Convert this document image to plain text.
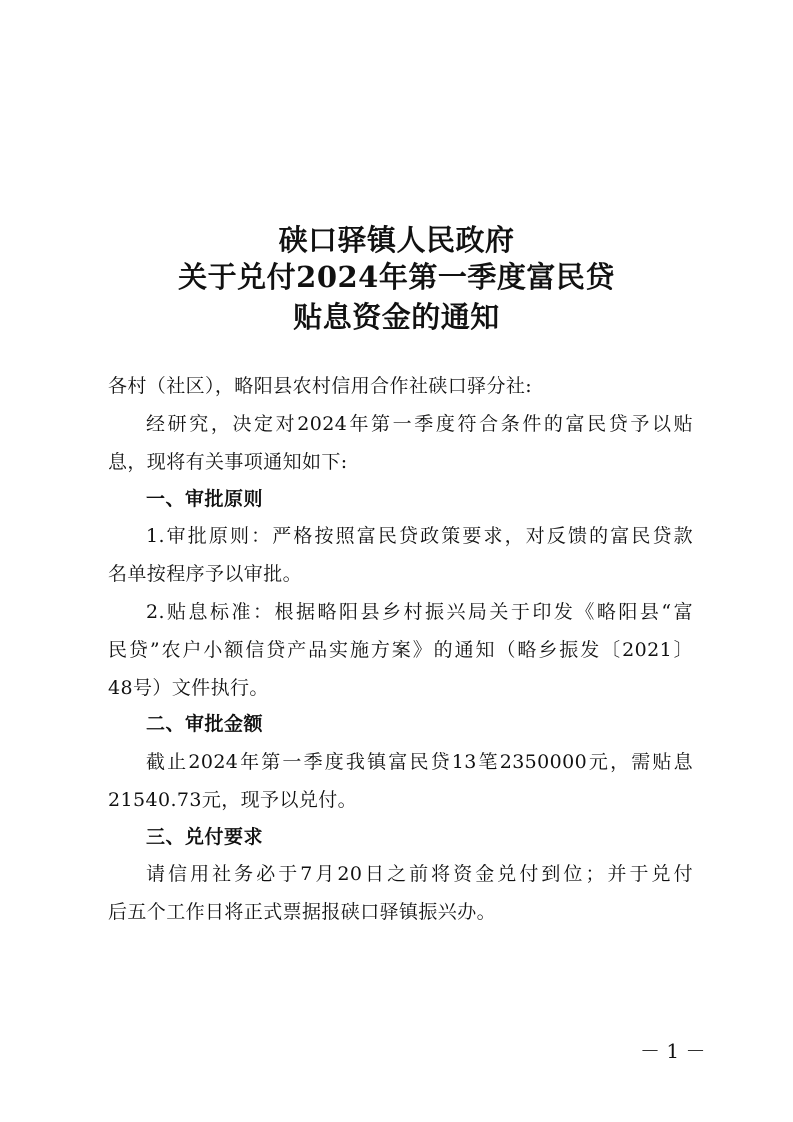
硖口驿镇人民政府
关于兑付2024年第一季度富民贷
贴息资金的通知
各村（社区），略阳县农村信用合作社硖口驿分社:
经研究，决定对2024年第一季度符合条件的富民贷予以贴
息，现将有关事项通知如下:
一、审批原则
1.审批原则：严格按照富民贷政策要求，对反馈的富民贷款
名单按程序予以审批。
2.贴息标准：根据略阳县乡村振兴局关于印发《略阳县“富
民贷”农户小额信贷产品实施方案》的通知（略乡振发〔2021〕
48号）文件执行。
二、审批金额
截止2024年第一季度我镇富民贷13笔2350000元，需贴息
21540.73元，现予以兑付。
三、兑付要求
请信用社务必于7月20日之前将资金兑付到位；并于兑付
后五个工作日将正式票据报硖口驿镇振兴办。
－ 1 －
